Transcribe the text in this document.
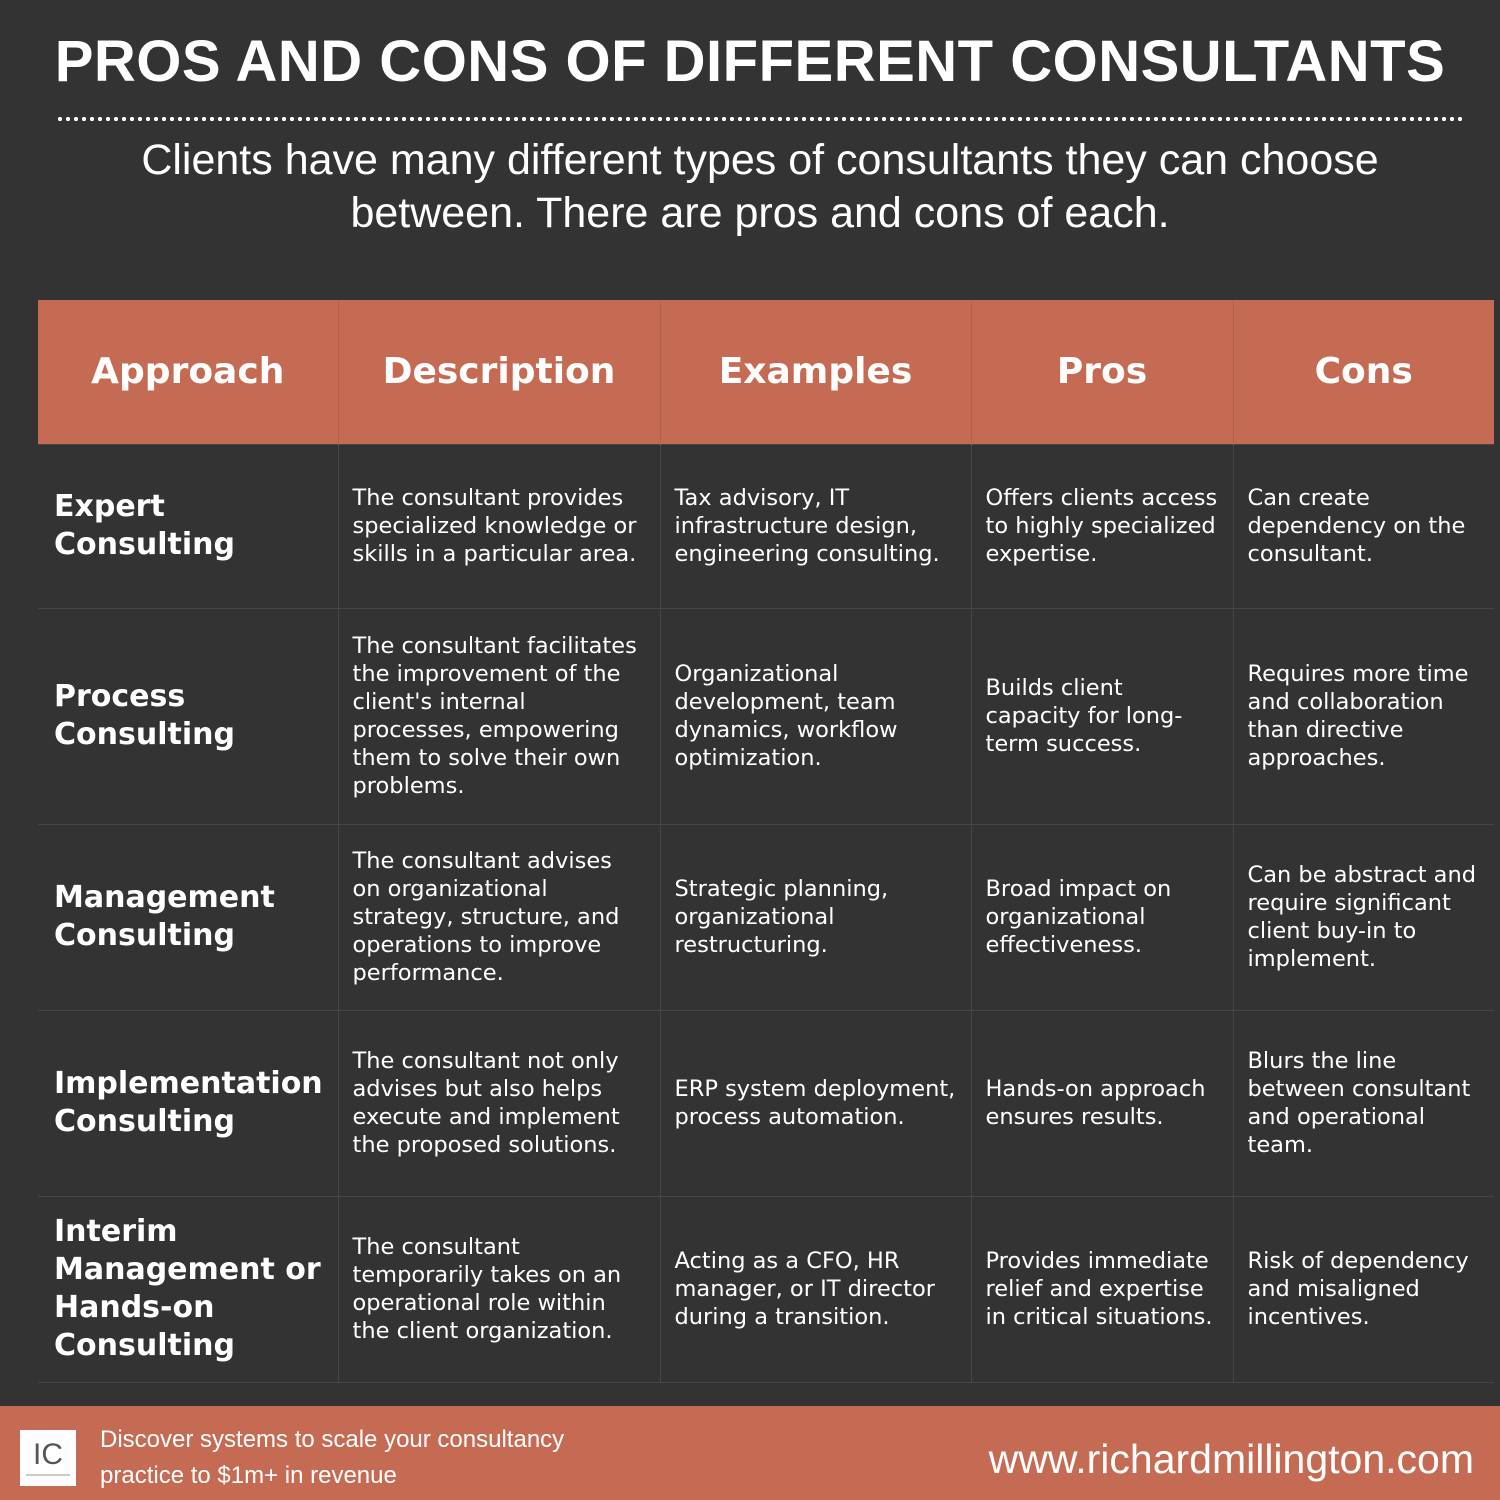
PROS AND CONS OF DIFFERENT CONSULTANTS

Clients have many different types of consultants they can choose between. There are pros and cons of each.

Approach	Description	Examples	Pros	Cons
Expert Consulting	The consultant provides specialized knowledge or skills in a particular area.	Tax advisory, IT infrastructure design, engineering consulting.	Offers clients access to highly specialized expertise.	Can create dependency on the consultant.
Process Consulting	The consultant facilitates the improvement of the client's internal processes, empowering them to solve their own problems.	Organizational development, team dynamics, workflow optimization.	Builds client capacity for long-term success.	Requires more time and collaboration than directive approaches.
Management Consulting	The consultant advises on organizational strategy, structure, and operations to improve performance.	Strategic planning, organizational restructuring.	Broad impact on organizational effectiveness.	Can be abstract and require significant client buy-in to implement.
Implementation Consulting	The consultant not only advises but also helps execute and implement the proposed solutions.	ERP system deployment, process automation.	Hands-on approach ensures results.	Blurs the line between consultant and operational team.
Interim Management or Hands-on Consulting	The consultant temporarily takes on an operational role within the client organization.	Acting as a CFO, HR manager, or IT director during a transition.	Provides immediate relief and expertise in critical situations.	Risk of dependency and misaligned incentives.
IC	Discover systems to scale your consultancy practice to $1m+ in revenue	www.richardmillington.com
